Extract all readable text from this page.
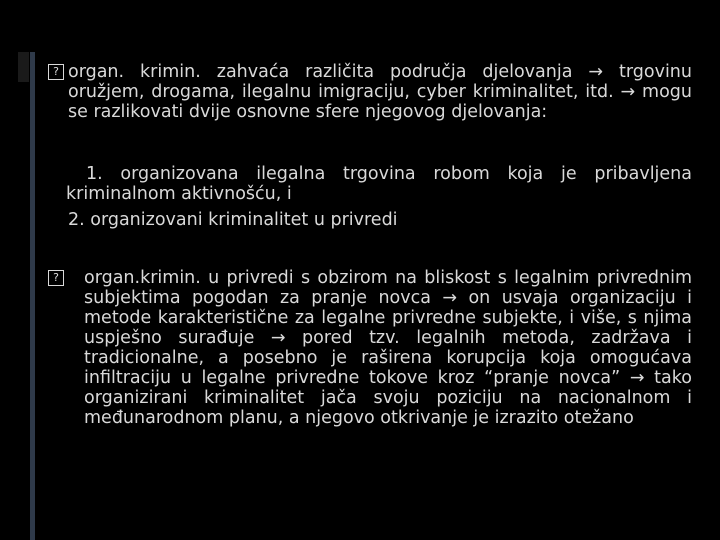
? organ. krimin. zahvaća različita područja djelovanja → trgovinu oružjem, drogama, ilegalnu imigraciju, cyber kriminalitet, itd. → mogu se razlikovati dvije osnovne sfere njegovog djelovanja:
1. organizovana ilegalna trgovina robom koja je pribavljena kriminalnom aktivnošću, i
2. organizovani kriminalitet u privredi
?	organ.krimin. u privredi s obzirom na bliskost s legalnim privrednim subjektima pogodan za pranje novca → on usvaja organizaciju i metode karakteristične za legalne privredne subjekte, i više, s njima uspješno surađuje → pored tzv. legalnih metoda, zadržava i tradicionalne, a posebno je raširena korupcija koja omogućava infiltraciju u legalne privredne tokove kroz “pranje novca” → tako organizirani kriminalitet jača svoju poziciju na nacionalnom i međunarodnom planu, a njegovo otkrivanje je izrazito otežano
